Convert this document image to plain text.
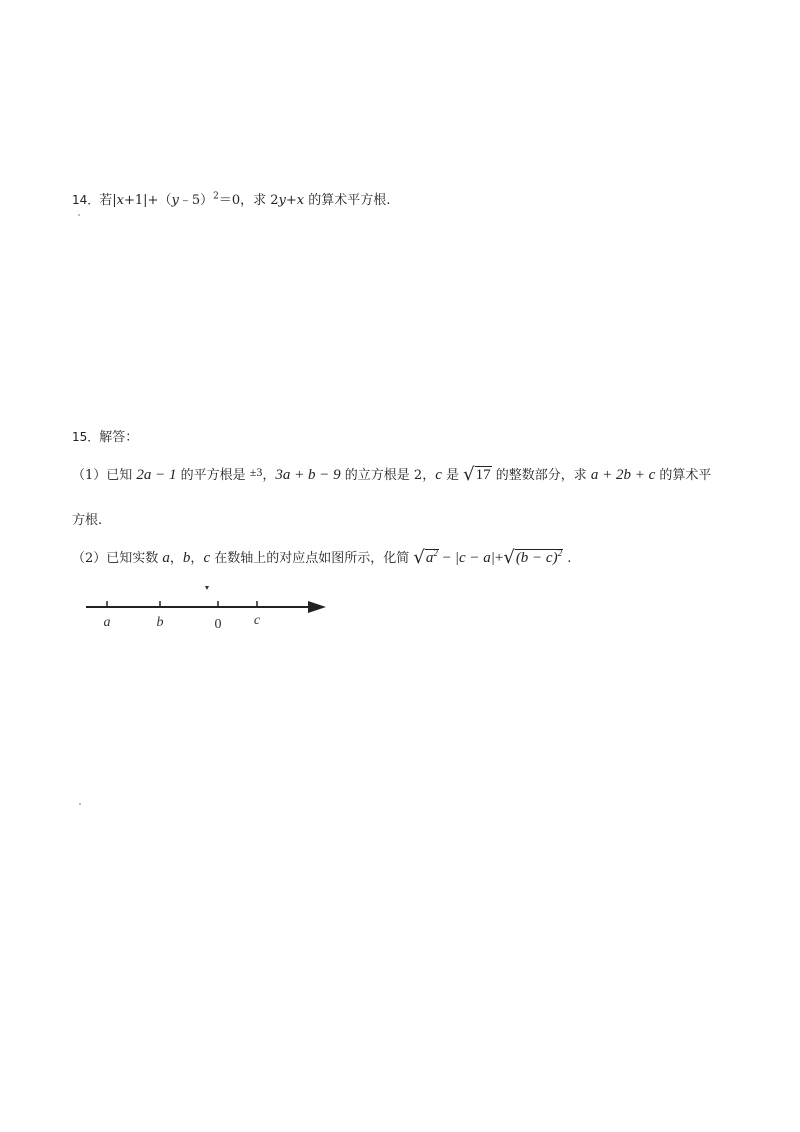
14．若|x+1|+（y﹣5）$^2$＝0，求 2y+x 的算术平方根.
15．解答：
（1）已知 2a − 1 的平方根是 ±3，3a + b − 9 的立方根是 2，c 是 √17 的整数部分，求 a + 2b + c 的算术平
方根.
（2）已知实数 a，b，c 在数轴上的对应点如图所示，化简 $√a^2 - |c - a|+√(b - c)^2$ .
a	b	0 c
